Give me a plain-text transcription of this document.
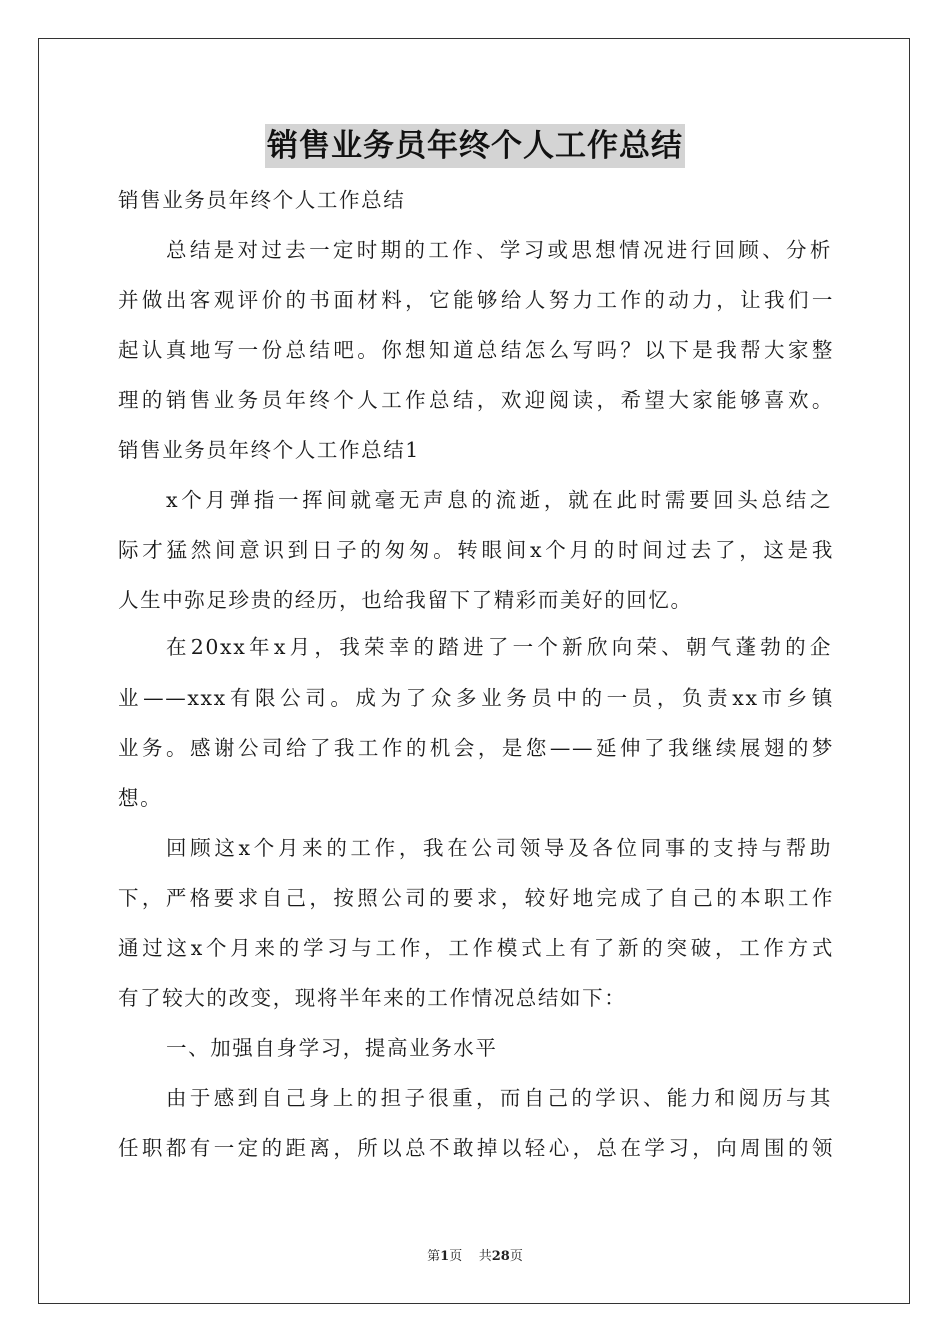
销售业务员年终个人工作总结
销售业务员年终个人工作总结
总结是对过去一定时期的工作、学习或思想情况进行回顾、分析
并做出客观评价的书面材料，它能够给人努力工作的动力，让我们一
起认真地写一份总结吧。你想知道总结怎么写吗？以下是我帮大家整
理的销售业务员年终个人工作总结，欢迎阅读，希望大家能够喜欢。
销售业务员年终个人工作总结1
x个月弹指一挥间就毫无声息的流逝，就在此时需要回头总结之
际才猛然间意识到日子的匆匆。转眼间x个月的时间过去了，这是我
人生中弥足珍贵的经历，也给我留下了精彩而美好的回忆。
在20xx年x月，我荣幸的踏进了一个新欣向荣、朝气蓬勃的企
业——xxx有限公司。成为了众多业务员中的一员，负责xx市乡镇
业务。感谢公司给了我工作的机会，是您——延伸了我继续展翅的梦
想。
回顾这x个月来的工作，我在公司领导及各位同事的支持与帮助
下，严格要求自己，按照公司的要求，较好地完成了自己的本职工作
通过这x个月来的学习与工作，工作模式上有了新的突破，工作方式
有了较大的改变，现将半年来的工作情况总结如下：
一、加强自身学习，提高业务水平
由于感到自己身上的担子很重，而自己的学识、能力和阅历与其
任职都有一定的距离，所以总不敢掉以轻心，总在学习，向周围的领
第1页 共28页
